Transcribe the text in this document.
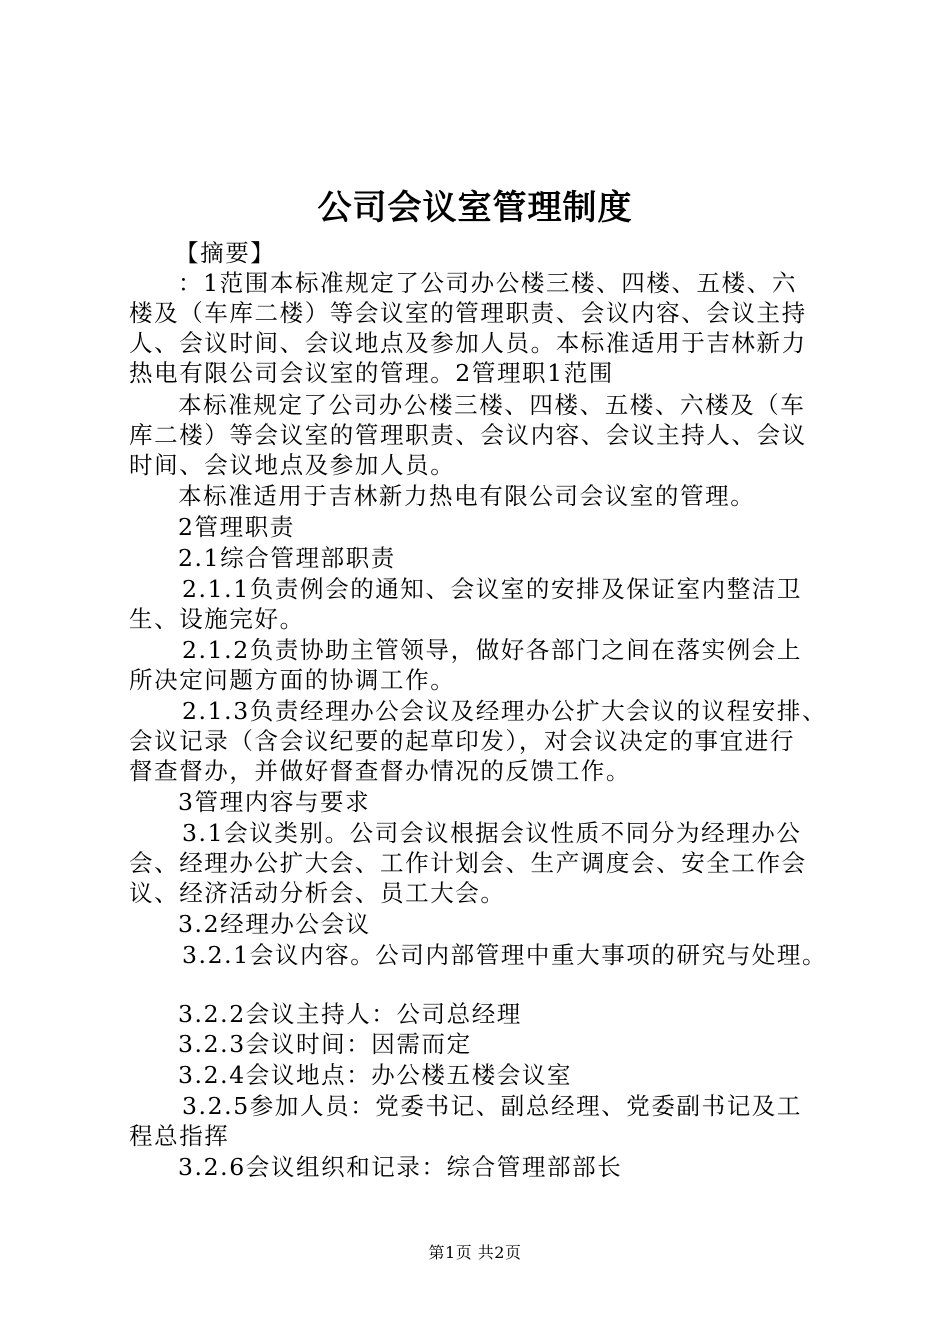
公司会议室管理制度
【摘要】
：1范围本标准规定了公司办公楼三楼、四楼、五楼、六
楼及（车库二楼）等会议室的管理职责、会议内容、会议主持
人、会议时间、会议地点及参加人员。本标准适用于吉林新力
热电有限公司会议室的管理。2管理职1范围
本标准规定了公司办公楼三楼、四楼、五楼、六楼及（车
库二楼）等会议室的管理职责、会议内容、会议主持人、会议
时间、会议地点及参加人员。
本标准适用于吉林新力热电有限公司会议室的管理。
2管理职责
2.1综合管理部职责
2.1.1负责例会的通知、会议室的安排及保证室内整洁卫
生、设施完好。
2.1.2负责协助主管领导，做好各部门之间在落实例会上
所决定问题方面的协调工作。
2.1.3负责经理办公会议及经理办公扩大会议的议程安排、
会议记录（含会议纪要的起草印发），对会议决定的事宜进行
督查督办，并做好督查督办情况的反馈工作。
3管理内容与要求
3.1会议类别。公司会议根据会议性质不同分为经理办公
会、经理办公扩大会、工作计划会、生产调度会、安全工作会
议、经济活动分析会、员工大会。
3.2经理办公会议
3.2.1会议内容。公司内部管理中重大事项的研究与处理。
3.2.2会议主持人：公司总经理
3.2.3会议时间：因需而定
3.2.4会议地点：办公楼五楼会议室
3.2.5参加人员：党委书记、副总经理、党委副书记及工
程总指挥
3.2.6会议组织和记录：综合管理部部长
第1页 共2页
